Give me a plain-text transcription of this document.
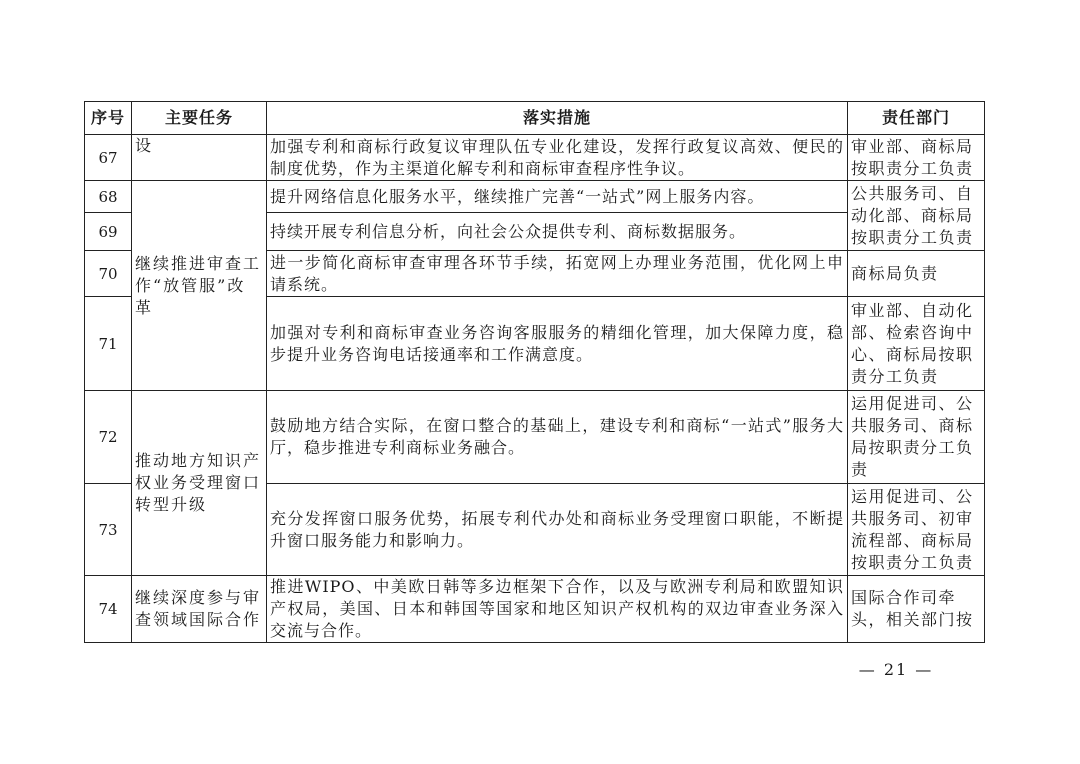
序号	主要任务	落实措施	责任部门
67	设	加强专利和商标行政复议审理队伍专业化建设，发挥行政复议高效、便民的制度优势，作为主渠道化解专利和商标审查程序性争议。	审业部、商标局按职责分工负责
68	继续推进审查工作“放管服”改革	提升网络信息化服务水平，继续推广完善“一站式”网上服务内容。	公共服务司、自动化部、商标局按职责分工负责
69		持续开展专利信息分析，向社会公众提供专利、商标数据服务。	
70		进一步简化商标审查审理各环节手续，拓宽网上办理业务范围，优化网上申请系统。	商标局负责
71		加强对专利和商标审查业务咨询客服服务的精细化管理，加大保障力度，稳步提升业务咨询电话接通率和工作满意度。	审业部、自动化部、检索咨询中心、商标局按职责分工负责
72	推动地方知识产权业务受理窗口转型升级	鼓励地方结合实际，在窗口整合的基础上，建设专利和商标“一站式”服务大厅，稳步推进专利商标业务融合。	运用促进司、公共服务司、商标局按职责分工负责
73		充分发挥窗口服务优势，拓展专利代办处和商标业务受理窗口职能，不断提升窗口服务能力和影响力。	运用促进司、公共服务司、初审流程部、商标局按职责分工负责
74	继续深度参与审查领域国际合作	推进WIPO、中美欧日韩等多边框架下合作，以及与欧洲专利局和欧盟知识产权局，美国、日本和韩国等国家和地区知识产权机构的双边审查业务深入交流与合作。	国际合作司牵头，相关部门按
— 21 —
